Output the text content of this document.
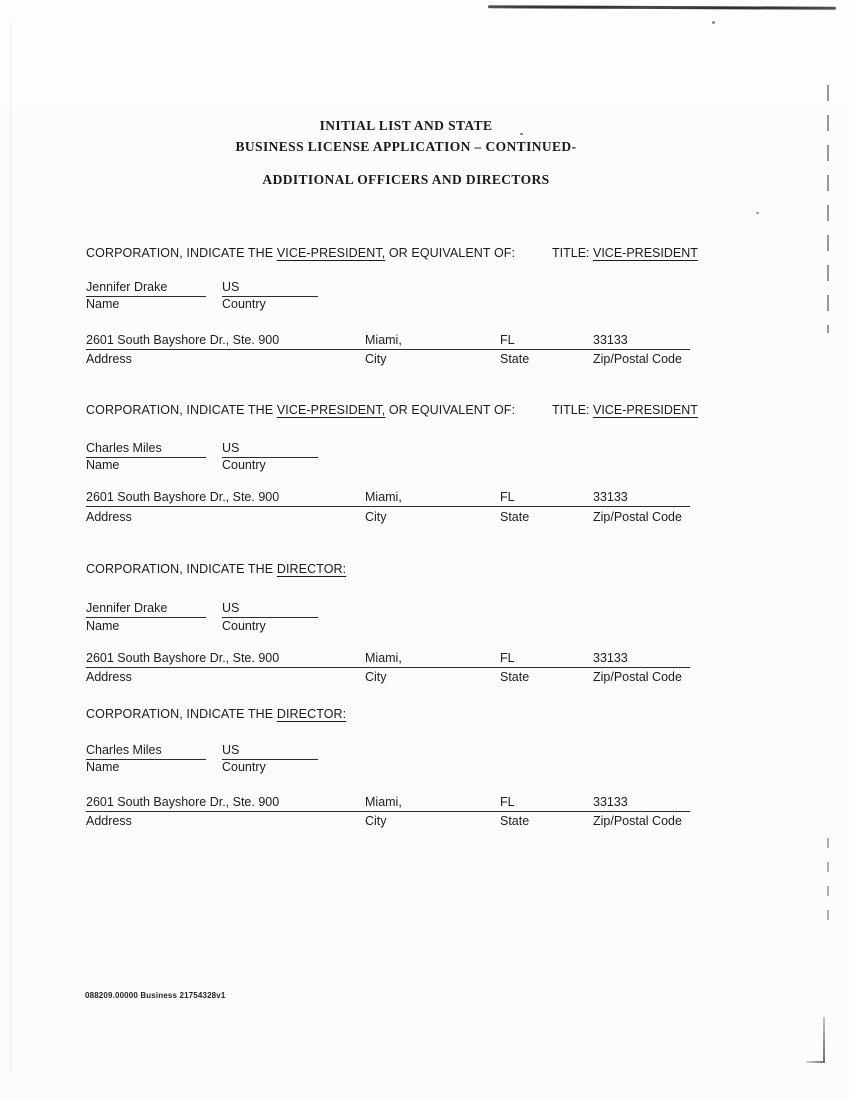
INITIAL LIST AND STATE
BUSINESS LICENSE APPLICATION – CONTINUED-
ADDITIONAL OFFICERS AND DIRECTORS
CORPORATION, INDICATE THE VICE-PRESIDENT, OR EQUIVALENT OF:	TITLE: VICE-PRESIDENT
Jennifer Drake	US
Name	Country
2601 South Bayshore Dr., Ste. 900	Miami,	FL	33133
Address	City	State	Zip/Postal Code
CORPORATION, INDICATE THE VICE-PRESIDENT, OR EQUIVALENT OF:	TITLE: VICE-PRESIDENT
Charles Miles	US
Name	Country
2601 South Bayshore Dr., Ste. 900	Miami,	FL	33133
Address	City	State	Zip/Postal Code
CORPORATION, INDICATE THE DIRECTOR:
Jennifer Drake	US
Name	Country
2601 South Bayshore Dr., Ste. 900	Miami,	FL	33133
Address	City	State	Zip/Postal Code
CORPORATION, INDICATE THE DIRECTOR:
Charles Miles	US
Name	Country
2601 South Bayshore Dr., Ste. 900	Miami,	FL	33133
Address	City	State	Zip/Postal Code
088209.00000 Business 21754328v1
